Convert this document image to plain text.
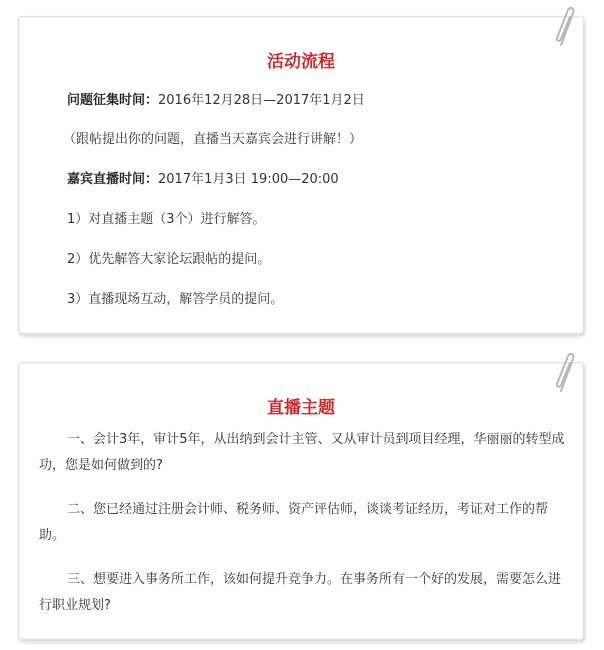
活动流程
问题征集时间：2016年12月28日—2017年1月2日
（跟帖提出你的问题，直播当天嘉宾会进行讲解！）
嘉宾直播时间：2017年1月3日 19:00—20:00
1）对直播主题（3个）进行解答。
2）优先解答大家论坛跟帖的提问。
3）直播现场互动，解答学员的提问。
直播主题
一、会计3年，审计5年，从出纳到会计主管、又从审计员到项目经理，华丽丽的转型成功，您是如何做到的?
二、您已经通过注册会计师、税务师、资产评估师，谈谈考证经历，考证对工作的帮助。
三、想要进入事务所工作，该如何提升竞争力。在事务所有一个好的发展，需要怎么进行职业规划?
